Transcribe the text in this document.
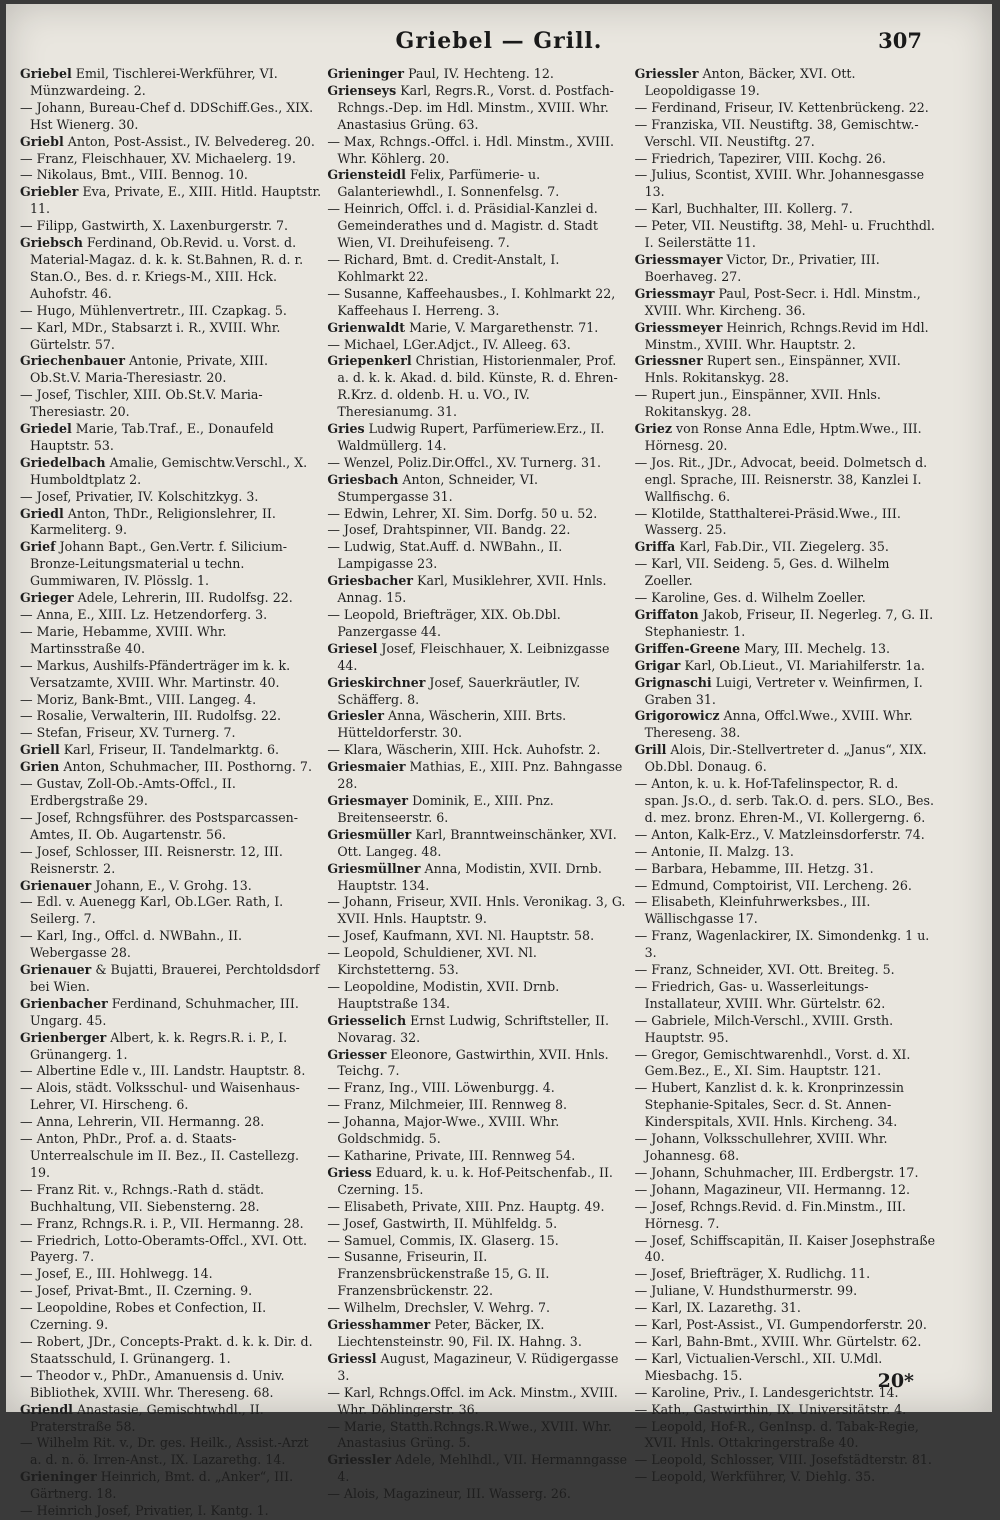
Griebel — Grill.	307

Griebel Emil, Tischlerei-Werkführer, VI. Münzwardeing. 2.

— Johann, Bureau-Chef d. DDSchiff.Ges., XIX. Hst Wienerg. 30.

Griebl Anton, Post-Assist., IV. Belvedereg. 20.

— Franz, Fleischhauer, XV. Michaelerg. 19.

— Nikolaus, Bmt., VIII. Bennog. 10.

Griebler Eva, Private, E., XIII. Hitld. Hauptstr. 11.

— Filipp, Gastwirth, X. Laxenburgerstr. 7.

Griebsch Ferdinand, Ob.Revid. u. Vorst. d. Material-Magaz. d. k. k. St.Bahnen, R. d. r. Stan.O., Bes. d. r. Kriegs-M., XIII. Hck. Auhofstr. 46.

— Hugo, Mühlenvertretr., III. Czapkag. 5.

— Karl, MDr., Stabsarzt i. R., XVIII. Whr. Gürtelstr. 57.

Griechenbauer Antonie, Private, XIII. Ob.St.V. Maria-Theresiastr. 20.

— Josef, Tischler, XIII. Ob.St.V. Maria-Theresiastr. 20.

Griedel Marie, Tab.Traf., E., Donaufeld Hauptstr. 53.

Griedelbach Amalie, Gemischtw.Verschl., X. Humboldtplatz 2.

— Josef, Privatier, IV. Kolschitzkyg. 3.

Griedl Anton, ThDr., Religionslehrer, II. Karmeliterg. 9.

Grief Johann Bapt., Gen.Vertr. f. Silicium-Bronze-Leitungsmaterial u techn. Gummiwaren, IV. Plösslg. 1.

Grieger Adele, Lehrerin, III. Rudolfsg. 22.

— Anna, E., XIII. Lz. Hetzendorferg. 3.

— Marie, Hebamme, XVIII. Whr. Martinsstraße 40.

— Markus, Aushilfs-Pfänderträger im k. k. Versatzamte, XVIII. Whr. Martinstr. 40.

— Moriz, Bank-Bmt., VIII. Langeg. 4.

— Rosalie, Verwalterin, III. Rudolfsg. 22.

— Stefan, Friseur, XV. Turnerg. 7.

Griell Karl, Friseur, II. Tandelmarktg. 6.

Grien Anton, Schuhmacher, III. Posthorng. 7.

— Gustav, Zoll-Ob.-Amts-Offcl., II. Erdbergstraße 29.

— Josef, Rchngsführer. des Postsparcassen-Amtes, II. Ob. Augartenstr. 56.

— Josef, Schlosser, III. Reisnerstr. 12, III. Reisnerstr. 2.

Grienauer Johann, E., V. Grohg. 13.

— Edl. v. Auenegg Karl, Ob.LGer. Rath, I. Seilerg. 7.

— Karl, Ing., Offcl. d. NWBahn., II. Webergasse 28.

Grienauer & Bujatti, Brauerei, Perchtoldsdorf bei Wien.

Grienbacher Ferdinand, Schuhmacher, III. Ungarg. 45.

Grienberger Albert, k. k. Regrs.R. i. P., I. Grünangerg. 1.

— Albertine Edle v., III. Landstr. Hauptstr. 8.

— Alois, städt. Volksschul- und Waisenhaus-Lehrer, VI. Hirscheng. 6.

— Anna, Lehrerin, VII. Hermanng. 28.

— Anton, PhDr., Prof. a. d. Staats-Unterrealschule im II. Bez., II. Castellezg. 19.

— Franz Rit. v., Rchngs.-Rath d. städt. Buchhaltung, VII. Siebensterng. 28.

— Franz, Rchngs.R. i. P., VII. Hermanng. 28.

— Friedrich, Lotto-Oberamts-Offcl., XVI. Ott. Payerg. 7.

— Josef, E., III. Hohlwegg. 14.

— Josef, Privat-Bmt., II. Czerning. 9.

— Leopoldine, Robes et Confection, II. Czerning. 9.

— Robert, JDr., Concepts-Prakt. d. k. k. Dir. d. Staatsschuld, I. Grünangerg. 1.

— Theodor v., PhDr., Amanuensis d. Univ. Bibliothek, XVIII. Whr. Thereseng. 68.

Griendl Anastasie, Gemischtwhdl., II. Praterstraße 58.

— Wilhelm Rit. v., Dr. ges. Heilk., Assist.-Arzt a. d. n. ö. Irren-Anst., IX. Lazarethg. 14.

Grieninger Heinrich, Bmt. d. „Anker“, III. Gärtnerg. 18.

— Heinrich Josef, Privatier, I. Kantg. 1.

Grieninger Paul, IV. Hechteng. 12.

Grienseys Karl, Regrs.R., Vorst. d. Postfach-Rchngs.-Dep. im Hdl. Minstm., XVIII. Whr. Anastasius Grüng. 63.

— Max, Rchngs.-Offcl. i. Hdl. Minstm., XVIII. Whr. Köhlerg. 20.

Griensteidl Felix, Parfümerie- u. Galanteriewhdl., I. Sonnenfelsg. 7.

— Heinrich, Offcl. i. d. Präsidial-Kanzlei d. Gemeinderathes und d. Magistr. d. Stadt Wien, VI. Dreihufeiseng. 7.

— Richard, Bmt. d. Credit-Anstalt, I. Kohlmarkt 22.

— Susanne, Kaffeehausbes., I. Kohlmarkt 22, Kaffeehaus I. Herreng. 3.

Grienwaldt Marie, V. Margarethenstr. 71.

— Michael, LGer.Adjct., IV. Alleeg. 63.

Griepenkerl Christian, Historienmaler, Prof. a. d. k. k. Akad. d. bild. Künste, R. d. Ehren-R.Krz. d. oldenb. H. u. VO., IV. Theresianumg. 31.

Gries Ludwig Rupert, Parfümeriew.Erz., II. Waldmüllerg. 14.

— Wenzel, Poliz.Dir.Offcl., XV. Turnerg. 31.

Griesbach Anton, Schneider, VI. Stumpergasse 31.

— Edwin, Lehrer, XI. Sim. Dorfg. 50 u. 52.

— Josef, Drahtspinner, VII. Bandg. 22.

— Ludwig, Stat.Auff. d. NWBahn., II. Lampigasse 23.

Griesbacher Karl, Musiklehrer, XVII. Hnls. Annag. 15.

— Leopold, Briefträger, XIX. Ob.Dbl. Panzergasse 44.

Griesel Josef, Fleischhauer, X. Leibnizgasse 44.

Grieskirchner Josef, Sauerkräutler, IV. Schäfferg. 8.

Griesler Anna, Wäscherin, XIII. Brts. Hütteldorferstr. 30.

— Klara, Wäscherin, XIII. Hck. Auhofstr. 2.

Griesmaier Mathias, E., XIII. Pnz. Bahngasse 28.

Griesmayer Dominik, E., XIII. Pnz. Breitenseerstr. 6.

Griesmüller Karl, Branntweinschänker, XVI. Ott. Langeg. 48.

Griesmüllner Anna, Modistin, XVII. Drnb. Hauptstr. 134.

— Johann, Friseur, XVII. Hnls. Veronikag. 3, G. XVII. Hnls. Hauptstr. 9.

— Josef, Kaufmann, XVI. Nl. Hauptstr. 58.

— Leopold, Schuldiener, XVI. Nl. Kirchstetterng. 53.

— Leopoldine, Modistin, XVII. Drnb. Hauptstraße 134.

Griesselich Ernst Ludwig, Schriftsteller, II. Novarag. 32.

Griesser Eleonore, Gastwirthin, XVII. Hnls. Teichg. 7.

— Franz, Ing., VIII. Löwenburgg. 4.

— Franz, Milchmeier, III. Rennweg 8.

— Johanna, Major-Wwe., XVIII. Whr. Goldschmidg. 5.

— Katharine, Private, III. Rennweg 54.

Griess Eduard, k. u. k. Hof-Peitschenfab., II. Czerning. 15.

— Elisabeth, Private, XIII. Pnz. Hauptg. 49.

— Josef, Gastwirth, II. Mühlfeldg. 5.

— Samuel, Commis, IX. Glaserg. 15.

— Susanne, Friseurin, II. Franzensbrückenstraße 15, G. II. Franzensbrückenstr. 22.

— Wilhelm, Drechsler, V. Wehrg. 7.

Griesshammer Peter, Bäcker, IX. Liechtensteinstr. 90, Fil. IX. Hahng. 3.

Griessl August, Magazineur, V. Rüdigergasse 3.

— Karl, Rchngs.Offcl. im Ack. Minstm., XVIII. Whr. Döblingerstr. 36.

— Marie, Statth.Rchngs.R.Wwe., XVIII. Whr. Anastasius Grüng. 5.

Griessler Adele, Mehlhdl., VII. Hermanngasse 4.

— Alois, Magazineur, III. Wasserg. 26.

Griessler Anton, Bäcker, XVI. Ott. Leopoldigasse 19.

— Ferdinand, Friseur, IV. Kettenbrückeng. 22.

— Franziska, VII. Neustiftg. 38, Gemischtw.-Verschl. VII. Neustiftg. 27.

— Friedrich, Tapezirer, VIII. Kochg. 26.

— Julius, Scontist, XVIII. Whr. Johannesgasse 13.

— Karl, Buchhalter, III. Kollerg. 7.

— Peter, VII. Neustiftg. 38, Mehl- u. Fruchthdl. I. Seilerstätte 11.

Griessmayer Victor, Dr., Privatier, III. Boerhaveg. 27.

Griessmayr Paul, Post-Secr. i. Hdl. Minstm., XVIII. Whr. Kircheng. 36.

Griessmeyer Heinrich, Rchngs.Revid im Hdl. Minstm., XVIII. Whr. Hauptstr. 2.

Griessner Rupert sen., Einspänner, XVII. Hnls. Rokitanskyg. 28.

— Rupert jun., Einspänner, XVII. Hnls. Rokitanskyg. 28.

Griez von Ronse Anna Edle, Hptm.Wwe., III. Hörnesg. 20.

— Jos. Rit., JDr., Advocat, beeid. Dolmetsch d. engl. Sprache, III. Reisnerstr. 38, Kanzlei I. Wallfischg. 6.

— Klotilde, Statthalterei-Präsid.Wwe., III. Wasserg. 25.

Griffa Karl, Fab.Dir., VII. Ziegelerg. 35.

— Karl, VII. Seideng. 5, Ges. d. Wilhelm Zoeller.

— Karoline, Ges. d. Wilhelm Zoeller.

Griffaton Jakob, Friseur, II. Negerleg. 7, G. II. Stephaniestr. 1.

Griffen-Greene Mary, III. Mechelg. 13.

Grigar Karl, Ob.Lieut., VI. Mariahilferstr. 1a.

Grignaschi Luigi, Vertreter v. Weinfirmen, I. Graben 31.

Grigorowicz Anna, Offcl.Wwe., XVIII. Whr. Thereseng. 38.

Grill Alois, Dir.-Stellvertreter d. „Janus“, XIX. Ob.Dbl. Donaug. 6.

— Anton, k. u. k. Hof-Tafelinspector, R. d. span. Js.O., d. serb. Tak.O. d. pers. SLO., Bes. d. mez. bronz. Ehren-M., VI. Kollergerng. 6.

— Anton, Kalk-Erz., V. Matzleinsdorferstr. 74.

— Antonie, II. Malzg. 13.

— Barbara, Hebamme, III. Hetzg. 31.

— Edmund, Comptoirist, VII. Lercheng. 26.

— Elisabeth, Kleinfuhrwerksbes., III. Wällischgasse 17.

— Franz, Wagenlackirer, IX. Simondenkg. 1 u. 3.

— Franz, Schneider, XVI. Ott. Breiteg. 5.

— Friedrich, Gas- u. Wasserleitungs-Installateur, XVIII. Whr. Gürtelstr. 62.

— Gabriele, Milch-Verschl., XVIII. Grsth. Hauptstr. 95.

— Gregor, Gemischtwarenhdl., Vorst. d. XI. Gem.Bez., E., XI. Sim. Hauptstr. 121.

— Hubert, Kanzlist d. k. k. Kronprinzessin Stephanie-Spitales, Secr. d. St. Annen-Kinderspitals, XVII. Hnls. Kircheng. 34.

— Johann, Volksschullehrer, XVIII. Whr. Johannesg. 68.

— Johann, Schuhmacher, III. Erdbergstr. 17.

— Johann, Magazineur, VII. Hermanng. 12.

— Josef, Rchngs.Revid. d. Fin.Minstm., III. Hörnesg. 7.

— Josef, Schiffscapitän, II. Kaiser Josephstraße 40.

— Josef, Briefträger, X. Rudlichg. 11.

— Juliane, V. Hundsthurmerstr. 99.

— Karl, IX. Lazarethg. 31.

— Karl, Post-Assist., VI. Gumpendorferstr. 20.

— Karl, Bahn-Bmt., XVIII. Whr. Gürtelstr. 62.

— Karl, Victualien-Verschl., XII. U.Mdl. Miesbachg. 15.

— Karoline, Priv., I. Landesgerichtstr. 14.

— Kath., Gastwirthin, IX. Universitätstr. 4.

— Leopold, Hof-R., GenInsp. d. Tabak-Regie, XVII. Hnls. Ottakringerstraße 40.

— Leopold, Schlosser, VIII. Josefstädterstr. 81.

— Leopold, Werkführer, V. Diehlg. 35.

20*
